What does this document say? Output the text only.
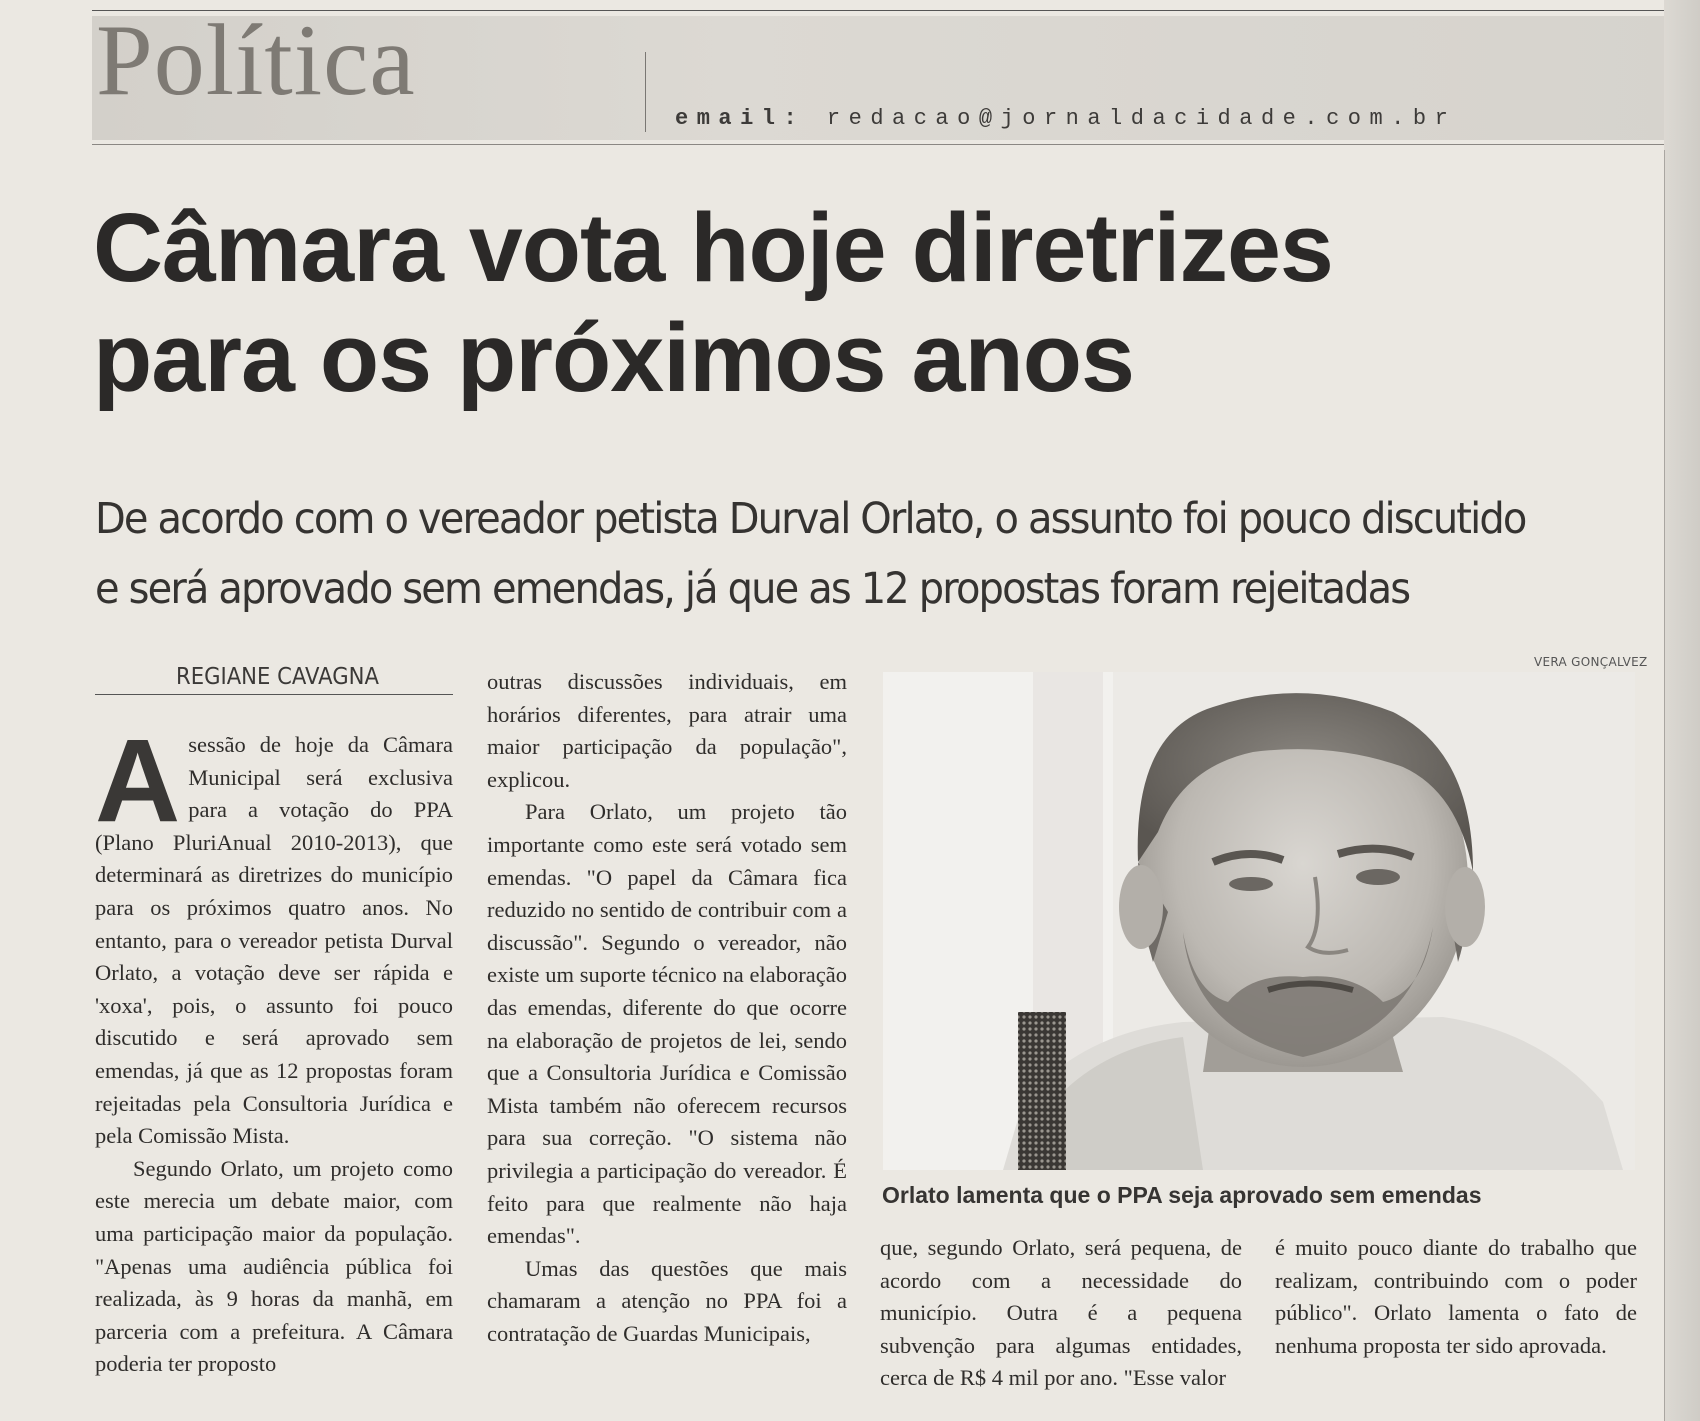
Política
email: redacao@jornaldacidade.com.br
Câmara vota hoje diretrizes
para os próximos anos
De acordo com o vereador petista Durval Orlato, o assunto foi pouco discutido
e será aprovado sem emendas, já que as 12 propostas foram rejeitadas
REGIANE CAVAGNA

Asessão de hoje da Câmara Municipal será exclusiva para a votação do PPA (Plano PluriAnual 2010-2013), que determinará as diretrizes do município para os próximos quatro anos. No entanto, para o vereador petista Durval Orlato, a votação deve ser rápida e 'xoxa', pois, o assunto foi pouco discutido e será aprovado sem emendas, já que as 12 propostas foram rejeitadas pela Consultoria Jurídica e pela Comissão Mista.

Segundo Orlato, um projeto como este merecia um debate maior, com uma participação maior da população. "Apenas uma audiência pública foi realizada, às 9 horas da manhã, em parceria com a prefeitura. A Câmara poderia ter proposto

outras discussões individuais, em horários diferentes, para atrair uma maior participação da população", explicou.

Para Orlato, um projeto tão importante como este será votado sem emendas. "O papel da Câmara fica reduzido no sentido de contribuir com a discussão". Segundo o vereador, não existe um suporte técnico na elaboração das emendas, diferente do que ocorre na elaboração de projetos de lei, sendo que a Consultoria Jurídica e Comissão Mista também não oferecem recursos para sua correção. "O sistema não privilegia a participação do vereador. É feito para que realmente não haja emendas".

Umas das questões que mais chamaram a atenção no PPA foi a contratação de Guardas Municipais,

VERA GONÇALVEZ
Orlato lamenta que o PPA seja aprovado sem emendas

que, segundo Orlato, será pequena, de acordo com a necessidade do município. Outra é a pequena subvenção para algumas entidades, cerca de R$ 4 mil por ano. "Esse valor

é muito pouco diante do trabalho que realizam, contribuindo com o poder público". Orlato lamenta o fato de nenhuma proposta ter sido aprovada.
